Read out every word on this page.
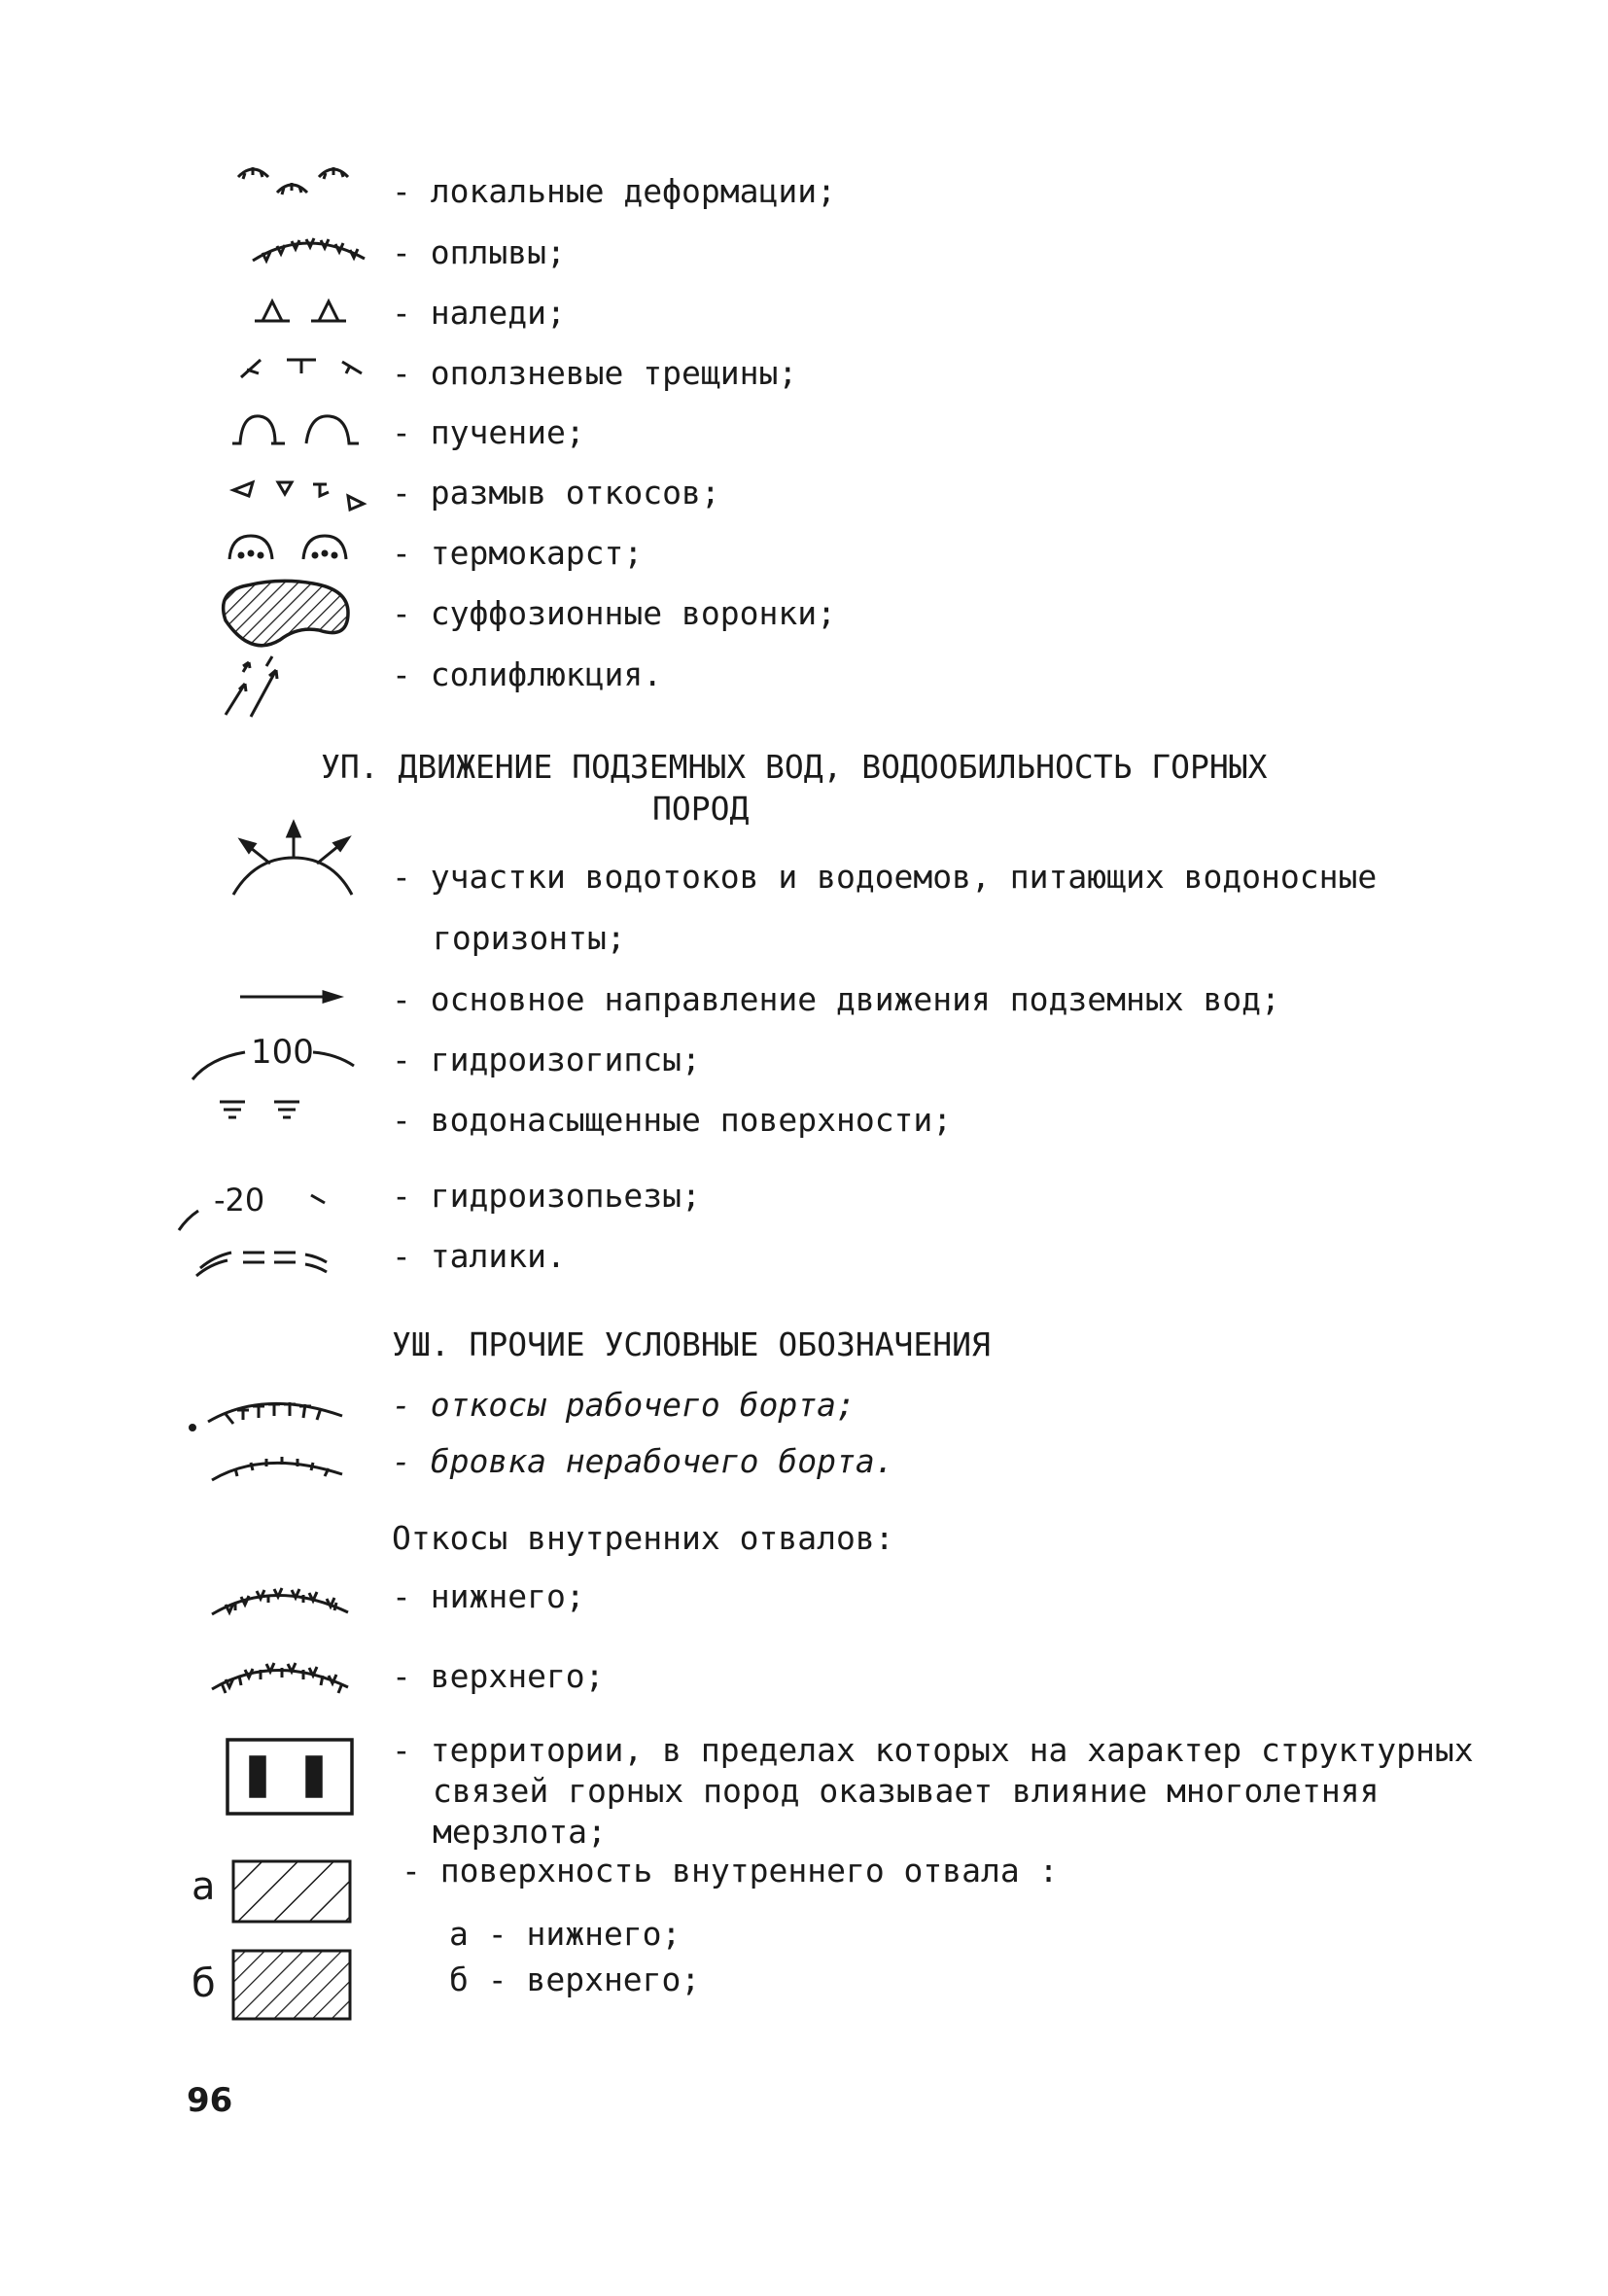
- локальные деформации;
- оплывы;
- наледи;
- оползневые трещины;
- пучение;
- размыв откосов;
- термокарст;
- суффозионные воронки;
- солифлюкция.
УП. ДВИЖЕНИЕ ПОДЗЕМНЫХ ВОД, ВОДООБИЛЬНОСТЬ ГОРНЫХ
ПОРОД
- участки водотоков и водоемов, питающих водоносные
горизонты;
- основное направление движения подземных вод;
100 - гидроизогипсы;
- водонасыщенные поверхности;
-20	- гидроизопьезы;
- талики.
УШ. ПРОЧИЕ УСЛОВНЫЕ ОБОЗНАЧЕНИЯ
- откосы рабочего борта;
- бровка нерабочего борта.
Откосы внутренних отвалов:
- нижнего;
- верхнего;
- территории, в пределах которых на характер структурных
связей горных пород оказывает влияние многолетняя
мерзлота;
а	- поверхность внутреннего отвала :
а - нижнего;
б	б - верхнего;
96
